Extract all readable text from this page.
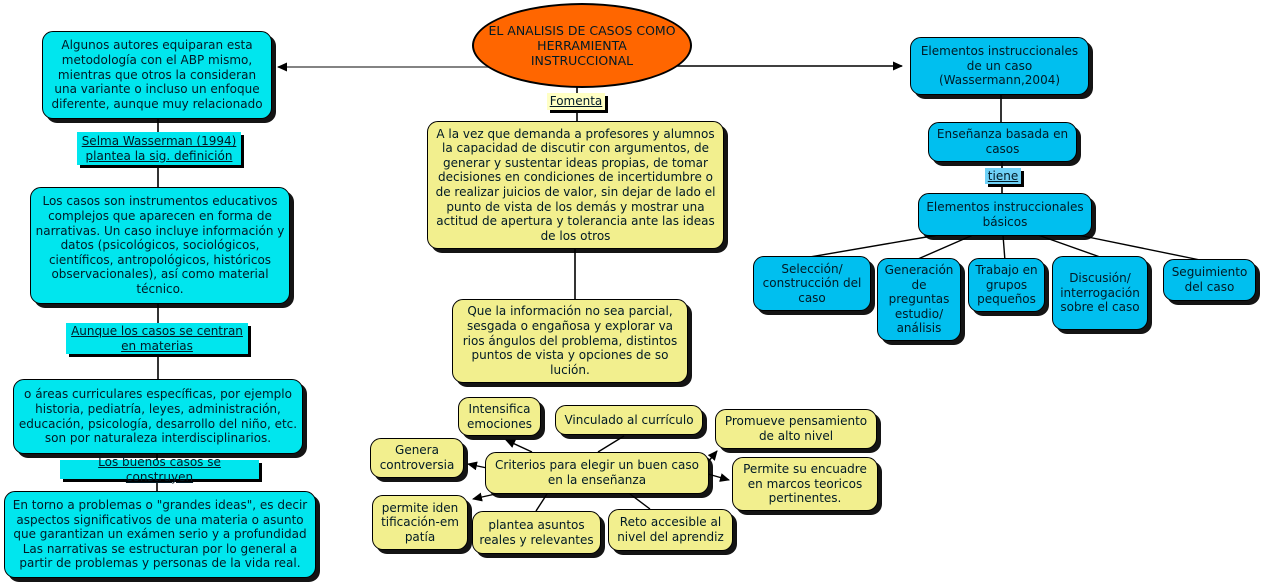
EL ANALISIS DE CASOS COMO HERRAMIENTA INSTRUCCIONAL
Fomenta
Algunos autores equiparan esta metodología con el ABP mismo, mientras que otros la consideran una variante o incluso un enfoque diferente, aunque muy relacionado
Selma Wasserman (1994) plantea la sig. definición
Los casos son instrumentos educativos complejos que aparecen en forma de narrativas. Un caso incluye información y datos (psicológicos, sociológicos, científicos, antropológicos, históricos observacionales), así como material técnico.
Aunque los casos se centran en materias
o áreas curriculares específicas, por ejemplo historia, pediatría, leyes, administración, educación, psicología, desarrollo del niño, etc. son por naturaleza interdisciplinarios.
Los buenos casos se construyen
En torno a problemas o "grandes ideas", es decir aspectos significativos de una materia o asunto que garantizan un exámen serio y a profundidad Las narrativas se estructuran por lo general a partir de problemas y personas de la vida real.
A la vez que demanda a profesores y alumnos la capacidad de discutir con argumentos, de generar y sustentar ideas propias, de tomar decisiones en condiciones de incertidumbre o de realizar juicios de valor, sin dejar de lado el punto de vista de los demás y mostrar una actitud de apertura y tolerancia ante las ideas de los otros
Que la información no sea parcial, sesgada o engañosa y explorar va rios ángulos del problema, distintos puntos de vista y opciones de so lución.
Elementos instruccionales de un caso (Wassermann,2004)
Enseñanza basada en casos
tiene
Elementos instruccionales básicos
Selección/ construcción del caso
Generación de preguntas estudio/ análisis
Trabajo en grupos pequeños
Discusión/ interrogación sobre el caso
Seguimiento del caso
Criterios para elegir un buen caso en la enseñanza
Intensifica emociones	Vinculado al currículo
Genera controversia
permite iden tificación-em patía
plantea asuntos reales y relevantes
Reto accesible al nivel del aprendiz
Promueve pensamiento de alto nivel
Permite su encuadre en marcos teoricos pertinentes.
